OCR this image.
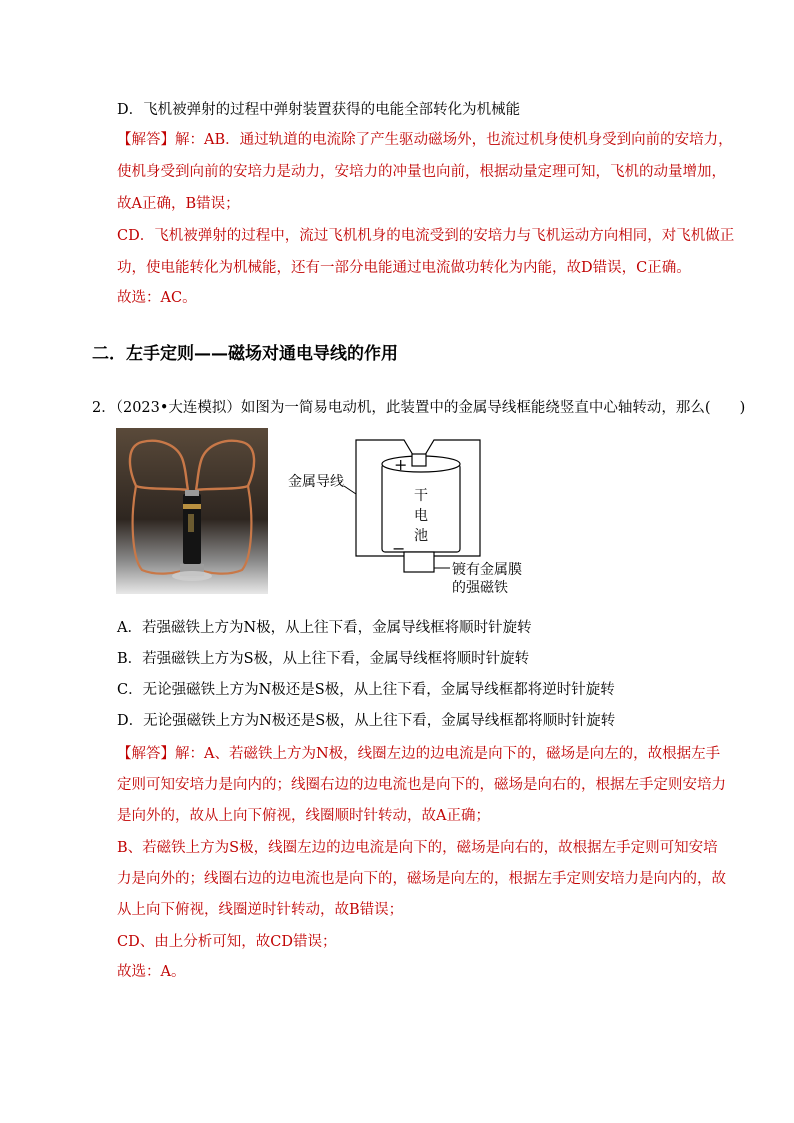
D．飞机被弹射的过程中弹射装置获得的电能全部转化为机械能
【解答】解：AB．通过轨道的电流除了产生驱动磁场外，也流过机身使机身受到向前的安培力，
使机身受到向前的安培力是动力，安培力的冲量也向前，根据动量定理可知，飞机的动量增加，
故A正确，B错误；
CD．飞机被弹射的过程中，流过飞机机身的电流受到的安培力与飞机运动方向相同，对飞机做正
功，使电能转化为机械能，还有一部分电能通过电流做功转化为内能，故D错误，C正确。
故选：AC。
二．左手定则——磁场对通电导线的作用
2．（2023•大连模拟）如图为一简易电动机，此装置中的金属导线框能绕竖直中心轴转动，那么(　　)
金属导线
+
−
干
电
池
镀有金属膜
的强磁铁
A．若强磁铁上方为N极，从上往下看，金属导线框将顺时针旋转
B．若强磁铁上方为S极，从上往下看，金属导线框将顺时针旋转
C．无论强磁铁上方为N极还是S极，从上往下看，金属导线框都将逆时针旋转
D．无论强磁铁上方为N极还是S极，从上往下看，金属导线框都将顺时针旋转
【解答】解：A、若磁铁上方为N极，线圈左边的边电流是向下的，磁场是向左的，故根据左手
定则可知安培力是向内的；线圈右边的边电流也是向下的，磁场是向右的，根据左手定则安培力
是向外的，故从上向下俯视，线圈顺时针转动，故A正确；
B、若磁铁上方为S极，线圈左边的边电流是向下的，磁场是向右的，故根据左手定则可知安培
力是向外的；线圈右边的边电流也是向下的，磁场是向左的，根据左手定则安培力是向内的，故
从上向下俯视，线圈逆时针转动，故B错误；
CD、由上分析可知，故CD错误；
故选：A。
